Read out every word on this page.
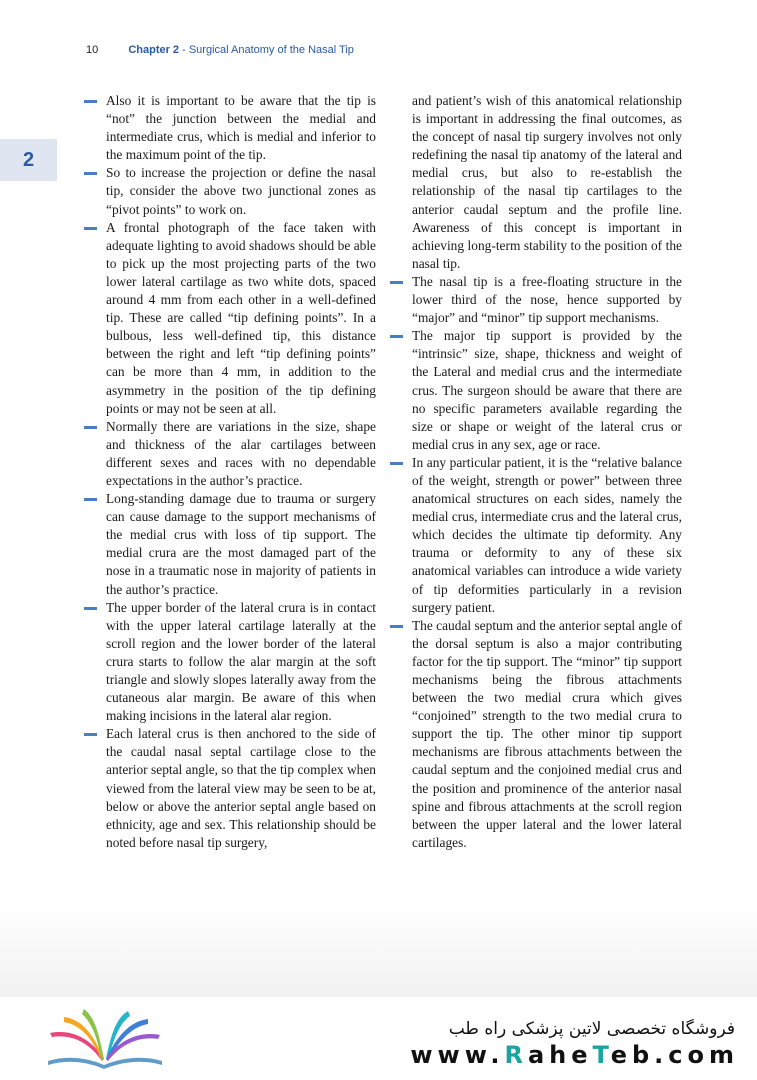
10	Chapter 2 - Surgical Anatomy of the Nasal Tip
2
Also it is important to be aware that the tip is “not” the junction between the medial and intermediate crus, which is medial and inferior to the maximum point of the tip.
So to increase the projection or define the nasal tip, consider the above two junctional zones as “pivot points” to work on.
A frontal photograph of the face taken with adequate lighting to avoid shadows should be able to pick up the most projecting parts of the two lower lateral cartilage as two white dots, spaced around 4 mm from each other in a well-defined tip. These are called “tip defining points”. In a bulbous, less well-defined tip, this distance between the right and left “tip defining points” can be more than 4 mm, in addition to the asymmetry in the position of the tip defining points or may not be seen at all.
Normally there are variations in the size, shape and thickness of the alar cartilages between different sexes and races with no dependable expectations in the author’s practice.
Long-standing damage due to trauma or surgery can cause damage to the support mechanisms of the medial crus with loss of tip support. The medial crura are the most damaged part of the nose in a traumatic nose in majority of patients in the author’s practice.
The upper border of the lateral crura is in contact with the upper lateral cartilage laterally at the scroll region and the lower border of the lateral crura starts to follow the alar margin at the soft triangle and slowly slopes laterally away from the cutaneous alar margin. Be aware of this when making incisions in the lateral alar region.
Each lateral crus is then anchored to the side of the caudal nasal septal cartilage close to the anterior septal angle, so that the tip complex when viewed from the lateral view may be seen to be at, below or above the anterior septal angle based on ethnicity, age and sex. This relationship should be noted before nasal tip surgery,
and patient’s wish of this anatomical relationship is important in addressing the final outcomes, as the concept of nasal tip surgery involves not only redefining the nasal tip anatomy of the lateral and medial crus, but also to re-establish the relationship of the nasal tip cartilages to the anterior caudal septum and the profile line. Awareness of this concept is important in achieving long-term stability to the position of the nasal tip.
The nasal tip is a free-floating structure in the lower third of the nose, hence supported by “major” and “minor” tip support mechanisms.
The major tip support is provided by the “intrinsic” size, shape, thickness and weight of the Lateral and medial crus and the intermediate crus. The surgeon should be aware that there are no specific parameters available regarding the size or shape or weight of the lateral crus or medial crus in any sex, age or race.
In any particular patient, it is the “relative balance of the weight, strength or power” between three anatomical structures on each sides, namely the medial crus, intermediate crus and the lateral crus, which decides the ultimate tip deformity. Any trauma or deformity to any of these six anatomical variables can introduce a wide variety of tip deformities particularly in a revision surgery patient.
The caudal septum and the anterior septal angle of the dorsal septum is also a major contributing factor for the tip support. The “minor” tip support mechanisms being the fibrous attachments between the two medial crura which gives “conjoined” strength to the two medial crura to support the tip. The other minor tip support mechanisms are fibrous attachments between the caudal septum and the conjoined medial crus and the position and prominence of the anterior nasal spine and fibrous attachments at the scroll region between the upper lateral and the lower lateral cartilages.
فروشگاه تخصصی لاتین پزشکی راه طب
www.RaheTeb.com
